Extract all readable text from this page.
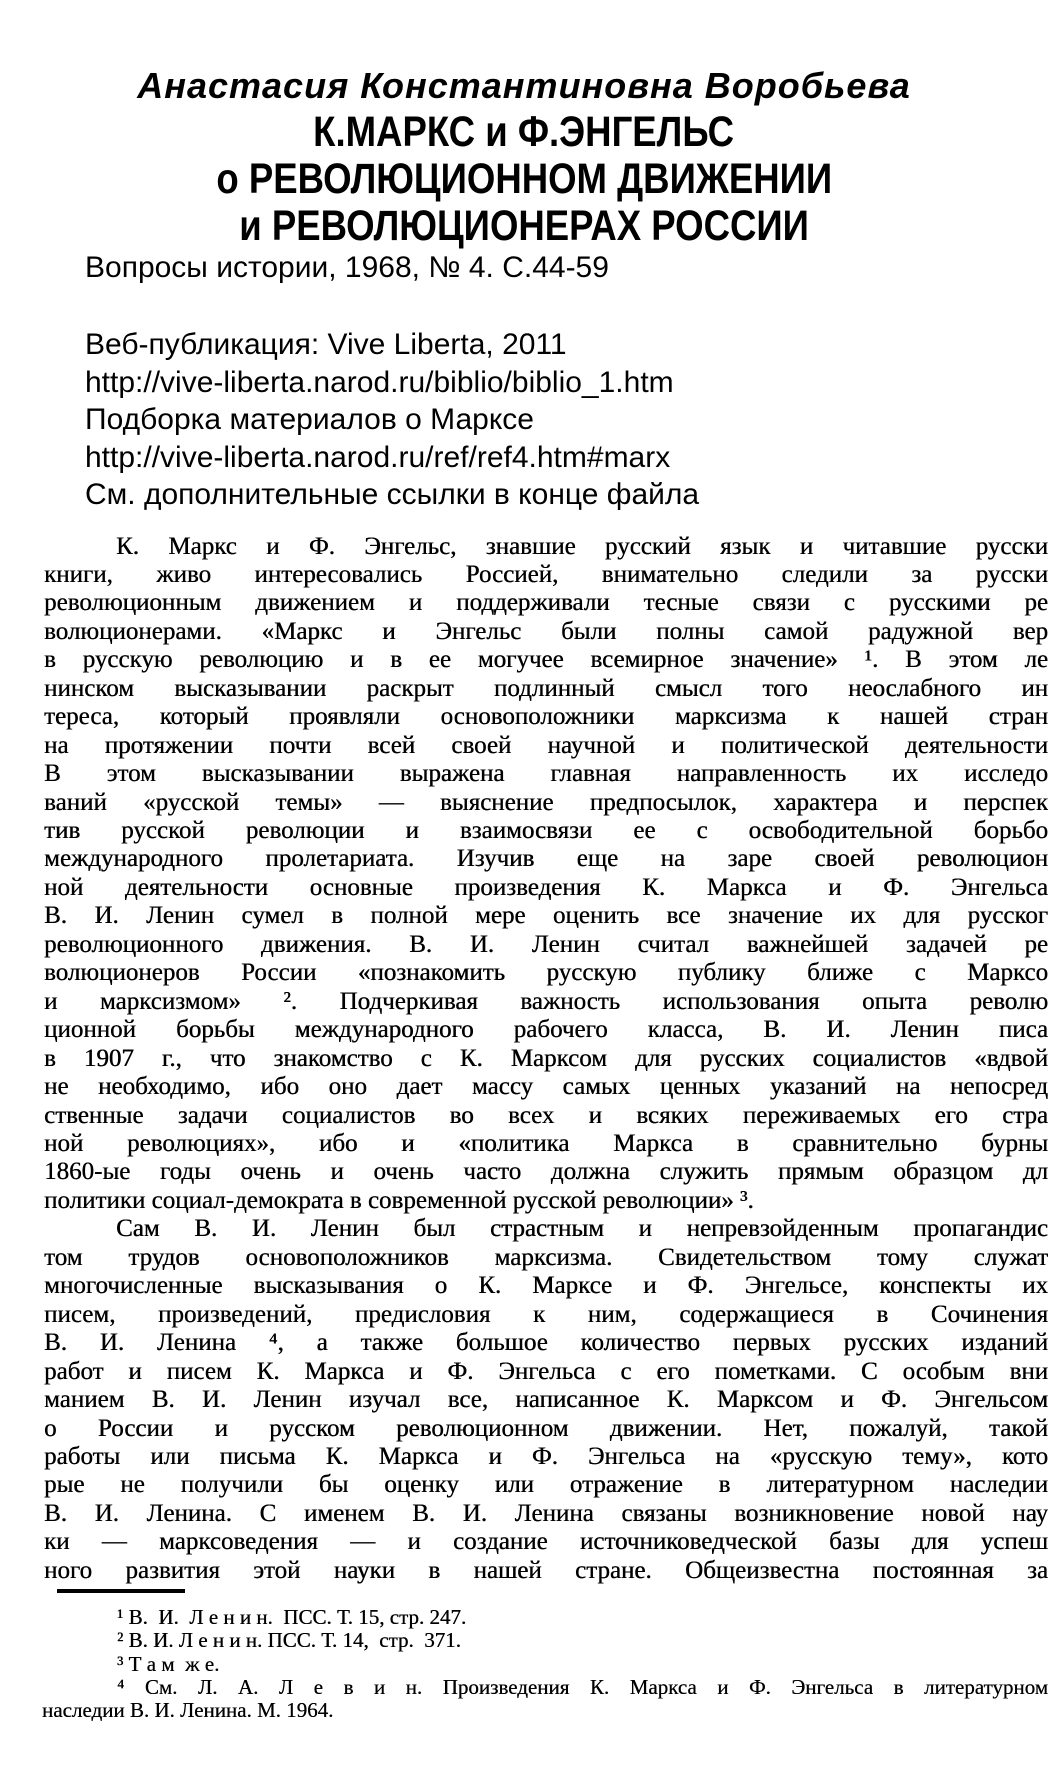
Анастасия Константиновна Воробьева
К.МАРКС и Ф.ЭНГЕЛЬС
о РЕВОЛЮЦИОННОМ ДВИЖЕНИИ
и РЕВОЛЮЦИОНЕРАХ РОССИИ
Вопросы истории, 1968, № 4. С.44-59
Веб-публикация: Vive Liberta, 2011
http://vive-liberta.narod.ru/biblio/biblio_1.htm
Подборка материалов о Марксе
http://vive-liberta.narod.ru/ref/ref4.htm#marx
См. дополнительные ссылки в конце файла
К. Маркс и Ф. Энгельс, знавшие русский язык и читавшие русски
книги, живо интересовались Россией, внимательно следили за русски
революционным движением и поддерживали тесные связи с русскими ре
волюционерами. «Маркс и Энгельс были полны самой радужной вер
в русскую революцию и в ее могучее всемирное значение» ¹. В этом ле
нинском высказывании раскрыт подлинный смысл того неослабного ин
тереса, который проявляли основоположники марксизма к нашей стран
на протяжении почти всей своей научной и политической деятельности
В этом высказывании выражена главная направленность их исследо
ваний «русской темы» — выяснение предпосылок, характера и перспек
тив русской революции и взаимосвязи ее с освободительной борьбо
международного пролетариата. Изучив еще на заре своей революцион
ной деятельности основные произведения К. Маркса и Ф. Энгельса
В. И. Ленин сумел в полной мере оценить все значение их для русског
революционного движения. В. И. Ленин считал важнейшей задачей ре
волюционеров России «познакомить русскую публику ближе с Марксо
и марксизмом» ². Подчеркивая важность использования опыта револю
ционной борьбы международного рабочего класса, В. И. Ленин писа
в 1907 г., что знакомство с К. Марксом для русских социалистов «вдвой
не необходимо, ибо оно дает массу самых ценных указаний на непосред
ственные задачи социалистов во всех и всяких переживаемых его стра
ной революциях», ибо и «политика Маркса в сравнительно бурны
1860-ые годы очень и очень часто должна служить прямым образцом дл
политики социал-демократа в современной русской революции» ³.
Сам В. И. Ленин был страстным и непревзойденным пропагандис
том трудов основоположников марксизма. Свидетельством тому служат
многочисленные высказывания о К. Марксе и Ф. Энгельсе, конспекты их
писем, произведений, предисловия к ним, содержащиеся в Сочинения
В. И. Ленина ⁴, а также большое количество первых русских изданий
работ и писем К. Маркса и Ф. Энгельса с его пометками. С особым вни
манием В. И. Ленин изучал все, написанное К. Марксом и Ф. Энгельсом
о России и русском революционном движении. Нет, пожалуй, такой
работы или письма К. Маркса и Ф. Энгельса на «русскую тему», кото
рые не получили бы оценку или отражение в литературном наследии
В. И. Ленина. С именем В. И. Ленина связаны возникновение новой нау
ки — марксоведения — и создание источниковедческой базы для успеш
ного развития этой науки в нашей стране. Общеизвестна постоянная за
¹ В.  И.  Л е н и н.  ПСС. Т. 15, стр. 247.
² В. И. Л е н и н. ПСС. Т. 14,  стр.  371.
³ Т а м  ж е.
⁴ См. Л. А. Л е в и н. Произведения К. Маркса и Ф. Энгельса в литературном
наследии В. И. Ленина. М. 1964.
